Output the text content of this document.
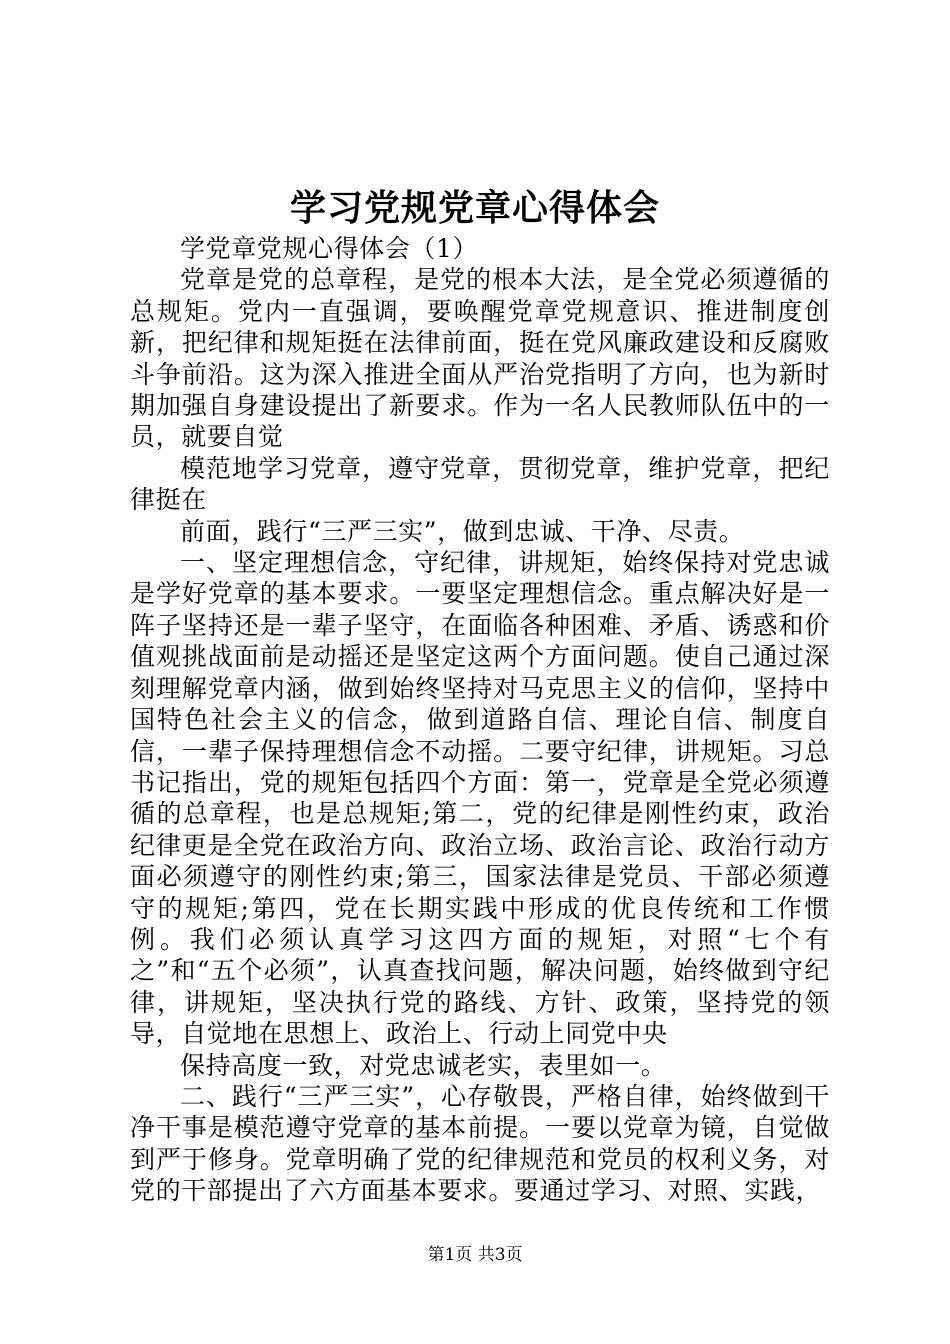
学习党规党章心得体会

学党章党规心得体会（1）

党章是党的总章程，是党的根本大法，是全党必须遵循的总规矩。党内一直强调，要唤醒党章党规意识、推进制度创新，把纪律和规矩挺在法律前面，挺在党风廉政建设和反腐败斗争前沿。这为深入推进全面从严治党指明了方向，也为新时期加强自身建设提出了新要求。作为一名人民教师队伍中的一员，就要自觉

模范地学习党章，遵守党章，贯彻党章，维护党章，把纪律挺在

前面，践行“三严三实”，做到忠诚、干净、尽责。

一、坚定理想信念，守纪律，讲规矩，始终保持对党忠诚是学好党章的基本要求。一要坚定理想信念。重点解决好是一阵子坚持还是一辈子坚守，在面临各种困难、矛盾、诱惑和价值观挑战面前是动摇还是坚定这两个方面问题。使自己通过深刻理解党章内涵，做到始终坚持对马克思主义的信仰，坚持中国特色社会主义的信念，做到道路自信、理论自信、制度自信，一辈子保持理想信念不动摇。二要守纪律，讲规矩。习总书记指出，党的规矩包括四个方面：第一，党章是全党必须遵循的总章程，也是总规矩;第二，党的纪律是刚性约束，政治纪律更是全党在政治方向、政治立场、政治言论、政治行动方面必须遵守的刚性约束;第三，国家法律是党员、干部必须遵守的规矩;第四，党在长期实践中形成的优良传统和工作惯例。我们必须认真学习这四方面的规矩，对照“七个有之”和“五个必须”，认真查找问题，解决问题，始终做到守纪律，讲规矩，坚决执行党的路线、方针、政策，坚持党的领导，自觉地在思想上、政治上、行动上同党中央

保持高度一致，对党忠诚老实，表里如一。

二、践行“三严三实”，心存敬畏，严格自律，始终做到干净干事是模范遵守党章的基本前提。一要以党章为镜，自觉做到严于修身。党章明确了党的纪律规范和党员的权利义务，对党的干部提出了六方面基本要求。要通过学习、对照、实践，

第1页 共3页
